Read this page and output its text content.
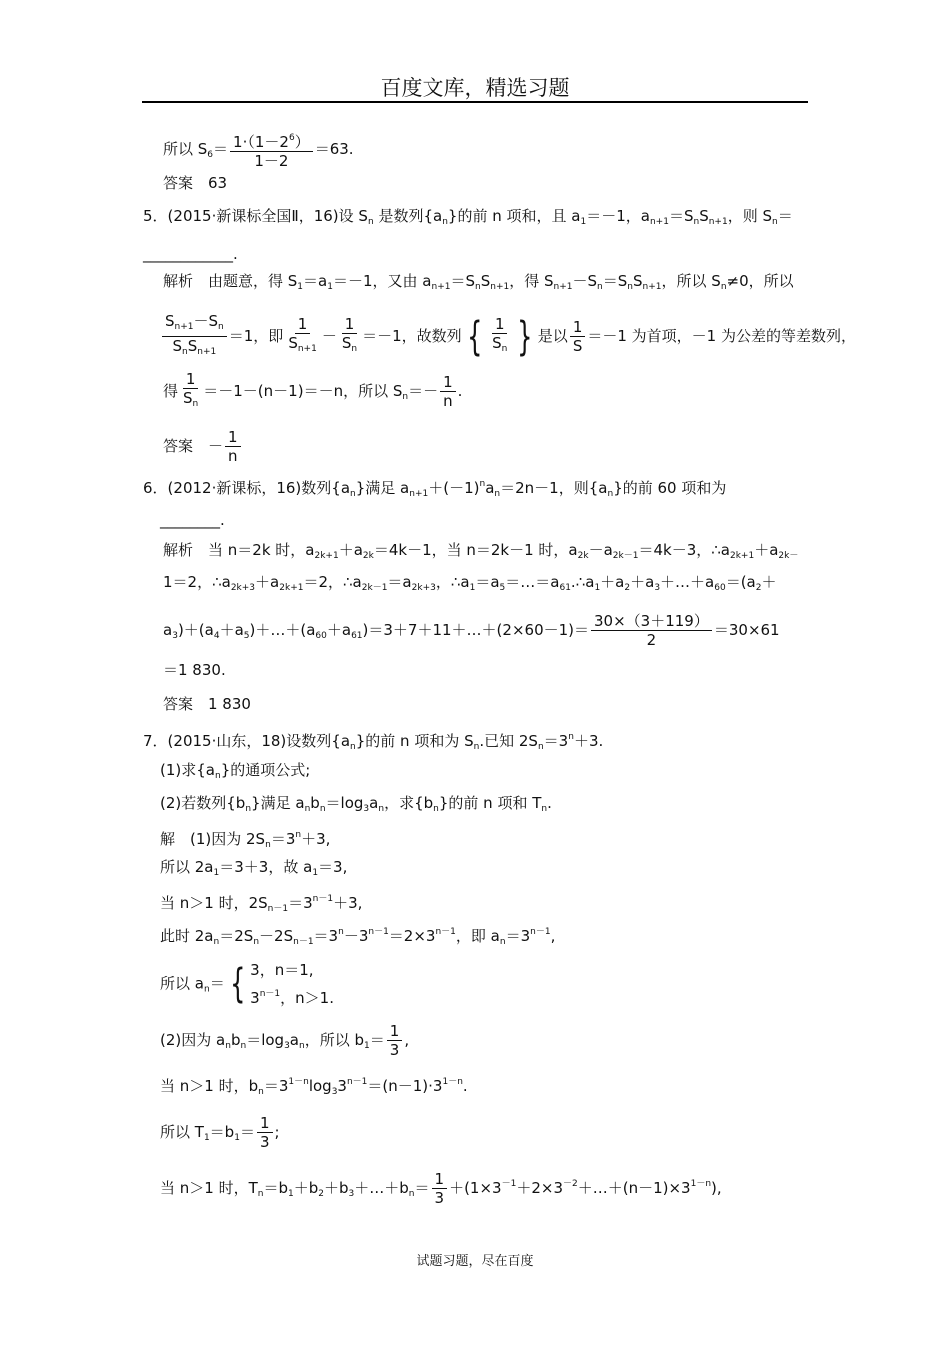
百度文库，精选习题
所以 $S_6= \frac{1\cdot(1-2^6)}{1-2} =63$.
答案　63
5．(2015·新课标全国Ⅱ，16)设 $S_n$ 是数列$\{a_n\}$的前 n 项和，且 $a_1=-1$，$a_{n+1}=S_nS_{n+1}$，则 $S_n=$
____________.
解析　由题意，得 $S_1=a_1=-1$，又由 $a_{n+1}=S_nS_{n+1}$，得 $S_{n+1}-S_n=S_nS_{n+1}$，所以 $S_n\ne 0$，所以
$\frac{S_{n+1}-S_n}{S_nS_{n+1}} =1$，即 $\frac{1}{S_{n+1}} - \frac{1}{S_n} =-1$，故数列 { $\frac{1}{S_n}$ } 是以 $\frac{1}{S} =-1$ 为首项，－1 为公差的等差数列，
得 $\frac{1}{S_n} =-1-(n-1)=-n$，所以 $S_n=- \frac{1}{n}$ .
答案　－ $\frac{1}{n}$
6．(2012·新课标，16)数列$\{a_n\}$满足 $a_{n+1}+(-1)^na_n=2n-1$，则$\{a_n\}$的前 60 项和为
________.
解析　当 n＝2k 时，$a_{2k+1}+a_{2k}=4k-1$，当 n＝2k－1 时，$a_{2k}-a_{2k-1}=4k-3$，$\therefore a_{2k+1}+a_{2k-}$
1＝2，$\therefore a_{2k+3}+a_{2k+1}=2$，$\therefore a_{2k-1}=a_{2k+3}$，$\therefore a_1=a_5=\dots=a_{61}.\therefore a_1+a_2+a_3+\dots+a_{60}=(a_2+$
$a_3)+(a_4+a_5)+\dots+(a_{60}+a_{61})=3+7+11+\dots+(2\times 60-1)= \frac{30\times(3+119)}{2} =30\times 61$
＝1 830.
答案　1 830
7．(2015·山东，18)设数列$\{a_n\}$的前 n 项和为 $S_n$.已知 $2S_n=3^n+3$.
(1)求$\{a_n\}$的通项公式;
(2)若数列$\{b_n\}$满足 $a_nb_n=\log_3a_n$，求$\{b_n\}$的前 n 项和 $T_n$.
解　(1)因为 $2S_n=3^n+3$,
所以 $2a_1=3+3$，故 $a_1=3$,
当 n＞1 时，$2S_{n-1}=3^{n-1}+3$,
此时 $2a_n=2S_n-2S_{n-1}=3^n-3^{n-1}=2\times 3^{n-1}$，即 $a_n=3^{n-1}$,
所以 $a_n=$ { 3，n＝1,
$3^{n-1}$，n＞1.
(2)因为 $a_nb_n=\log_3a_n$，所以 $b_1= \frac{1}{3}$ ,
当 n＞1 时，$b_n=3^{1-n}\log_33^{n-1}=(n-1)\cdot 3^{1-n}$.
所以 $T_1=b_1= \frac{1}{3}$ ;
当 n＞1 时，$T_n=b_1+b_2+b_3+\dots+b_n= \frac{1}{3}$ $+(1\times 3^{-1}+2\times 3^{-2}+\dots+(n-1)\times 3^{1-n})$,
试题习题，尽在百度
